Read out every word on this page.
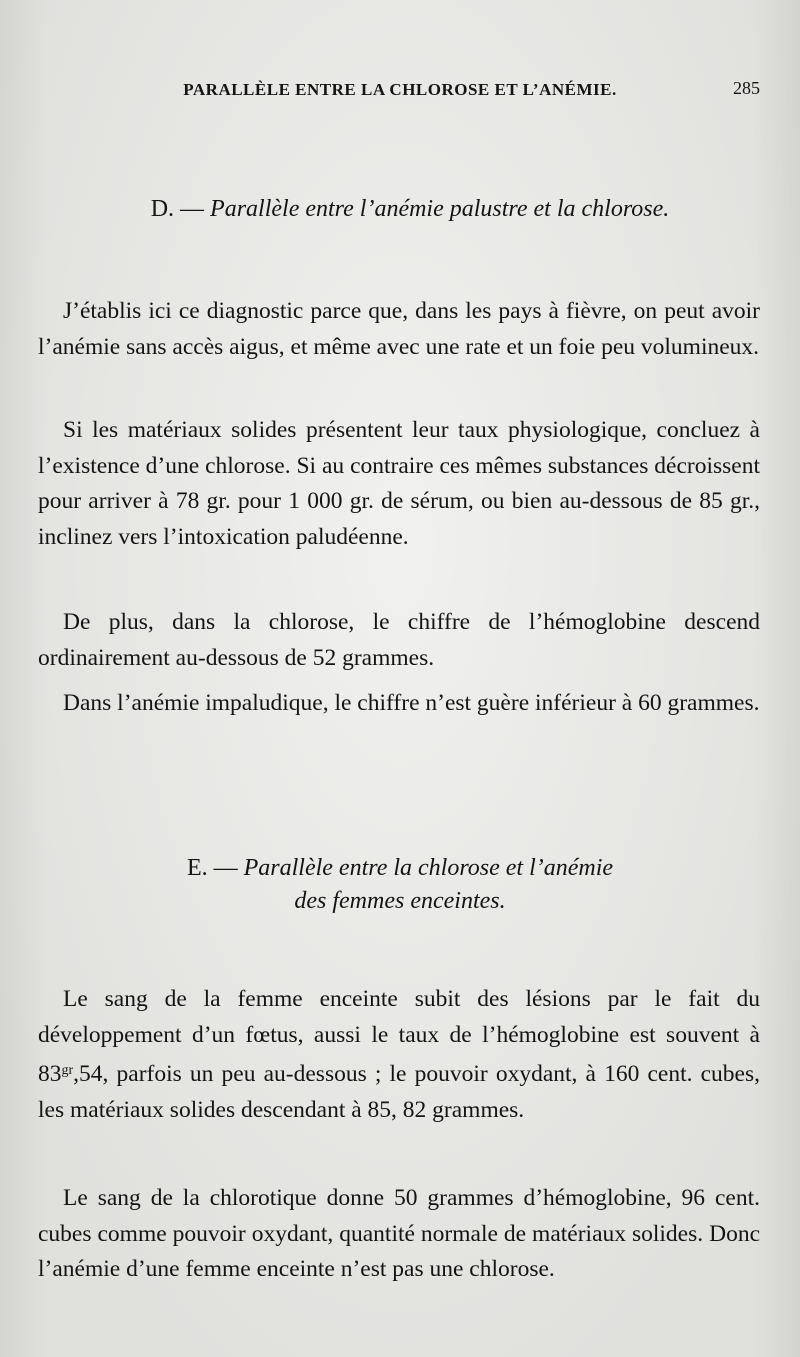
PARALLÈLE ENTRE LA CHLOROSE ET L’ANÉMIE.	285
D. — Parallèle entre l’anémie palustre et la chlorose.

J’établis ici ce diagnostic parce que, dans les pays à fièvre, on peut avoir l’anémie sans accès aigus, et même avec une rate et un foie peu volumineux.

Si les matériaux solides présentent leur taux physiologique, concluez à l’existence d’une chlorose. Si au contraire ces mêmes substances décroissent pour arriver à 78 gr. pour 1 000 gr. de sérum, ou bien au-dessous de 85 gr., inclinez vers l’intoxication paludéenne.

De plus, dans la chlorose, le chiffre de l’hémoglobine descend ordinairement au-dessous de 52 grammes.

Dans l’anémie impaludique, le chiffre n’est guère inférieur à 60 grammes.

E. — Parallèle entre la chlorose et l’anémie
des femmes enceintes.

Le sang de la femme enceinte subit des lésions par le fait du développement d’un fœtus, aussi le taux de l’hémoglobine est souvent à $83^{gr},54$, parfois un peu au-dessous ; le pouvoir oxydant, à 160 cent. cubes, les matériaux solides descendant à 85, 82 grammes.

Le sang de la chlorotique donne 50 grammes d’hémoglobine, 96 cent. cubes comme pouvoir oxydant, quantité normale de matériaux solides. Donc l’anémie d’une femme enceinte n’est pas une chlorose.
